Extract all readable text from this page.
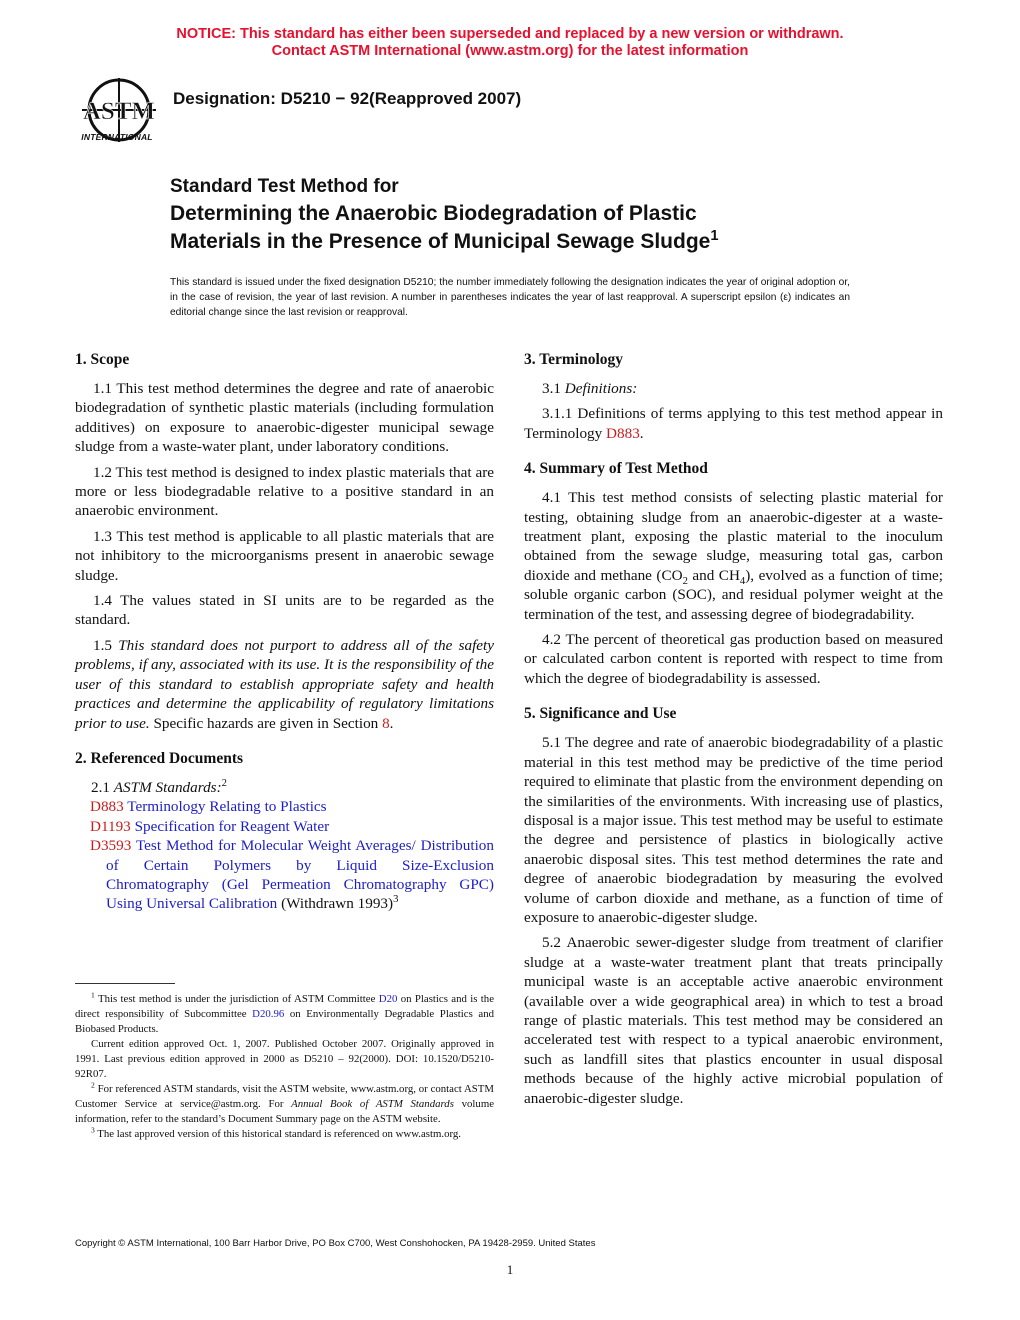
NOTICE: This standard has either been superseded and replaced by a new version or withdrawn.
Contact ASTM International (www.astm.org) for the latest information
ASTM
INTERNATIONAL
Designation: D5210 − 92(Reapproved 2007)
Standard Test Method for
Determining the Anaerobic Biodegradation of Plastic
Materials in the Presence of Municipal Sewage Sludge$^1$
This standard is issued under the fixed designation D5210; the number immediately following the designation indicates the year of original adoption or, in the case of revision, the year of last revision. A number in parentheses indicates the year of last reapproval. A superscript epsilon (ε) indicates an editorial change since the last revision or reapproval.
1. Scope

1.1 This test method determines the degree and rate of anaerobic biodegradation of synthetic plastic materials (including formulation additives) on exposure to anaerobic-digester municipal sewage sludge from a waste-water plant, under laboratory conditions.

1.2 This test method is designed to index plastic materials that are more or less biodegradable relative to a positive standard in an anaerobic environment.

1.3 This test method is applicable to all plastic materials that are not inhibitory to the microorganisms present in anaerobic sewage sludge.

1.4 The values stated in SI units are to be regarded as the standard.

1.5 This standard does not purport to address all of the safety problems, if any, associated with its use. It is the responsibility of the user of this standard to establish appropriate safety and health practices and determine the applicability of regulatory limitations prior to use. Specific hazards are given in Section 8.

2. Referenced Documents
2.1 ASTM Standards:$^2$
D883 Terminology Relating to Plastics
D1193 Specification for Reagent Water
D3593 Test Method for Molecular Weight Averages/ Distribution of Certain Polymers by Liquid Size-Exclusion Chromatography (Gel Permeation Chromatography GPC) Using Universal Calibration (Withdrawn 1993)$^3$
$^1$ This test method is under the jurisdiction of ASTM Committee D20 on Plastics and is the direct responsibility of Subcommittee D20.96 on Environmentally Degradable Plastics and Biobased Products.
Current edition approved Oct. 1, 2007. Published October 2007. Originally approved in 1991. Last previous edition approved in 2000 as D5210 – 92(2000). DOI: 10.1520/D5210-92R07.
$^2$ For referenced ASTM standards, visit the ASTM website, www.astm.org, or contact ASTM Customer Service at service@astm.org. For Annual Book of ASTM Standards volume information, refer to the standard’s Document Summary page on the ASTM website.
$^3$ The last approved version of this historical standard is referenced on www.astm.org.
3. Terminology

3.1 Definitions:

3.1.1 Definitions of terms applying to this test method appear in Terminology D883.

4. Summary of Test Method

4.1 This test method consists of selecting plastic material for testing, obtaining sludge from an anaerobic-digester at a waste-treatment plant, exposing the plastic material to the inoculum obtained from the sewage sludge, measuring total gas, carbon dioxide and methane ($CO_2$ and $CH_4$), evolved as a function of time; soluble organic carbon (SOC), and residual polymer weight at the termination of the test, and assessing degree of biodegradability.

4.2 The percent of theoretical gas production based on measured or calculated carbon content is reported with respect to time from which the degree of biodegradability is assessed.

5. Significance and Use

5.1 The degree and rate of anaerobic biodegradability of a plastic material in this test method may be predictive of the time period required to eliminate that plastic from the environment depending on the similarities of the environments. With increasing use of plastics, disposal is a major issue. This test method may be useful to estimate the degree and persistence of plastics in biologically active anaerobic disposal sites. This test method determines the rate and degree of anaerobic biodegradation by measuring the evolved volume of carbon dioxide and methane, as a function of time of exposure to anaerobic-digester sludge.

5.2 Anaerobic sewer-digester sludge from treatment of clarifier sludge at a waste-water treatment plant that treats principally municipal waste is an acceptable active anaerobic environment (available over a wide geographical area) in which to test a broad range of plastic materials. This test method may be considered an accelerated test with respect to a typical anaerobic environment, such as landfill sites that plastics encounter in usual disposal methods because of the highly active microbial population of anaerobic-digester sludge.

Copyright © ASTM International, 100 Barr Harbor Drive, PO Box C700, West Conshohocken, PA 19428-2959. United States
1
